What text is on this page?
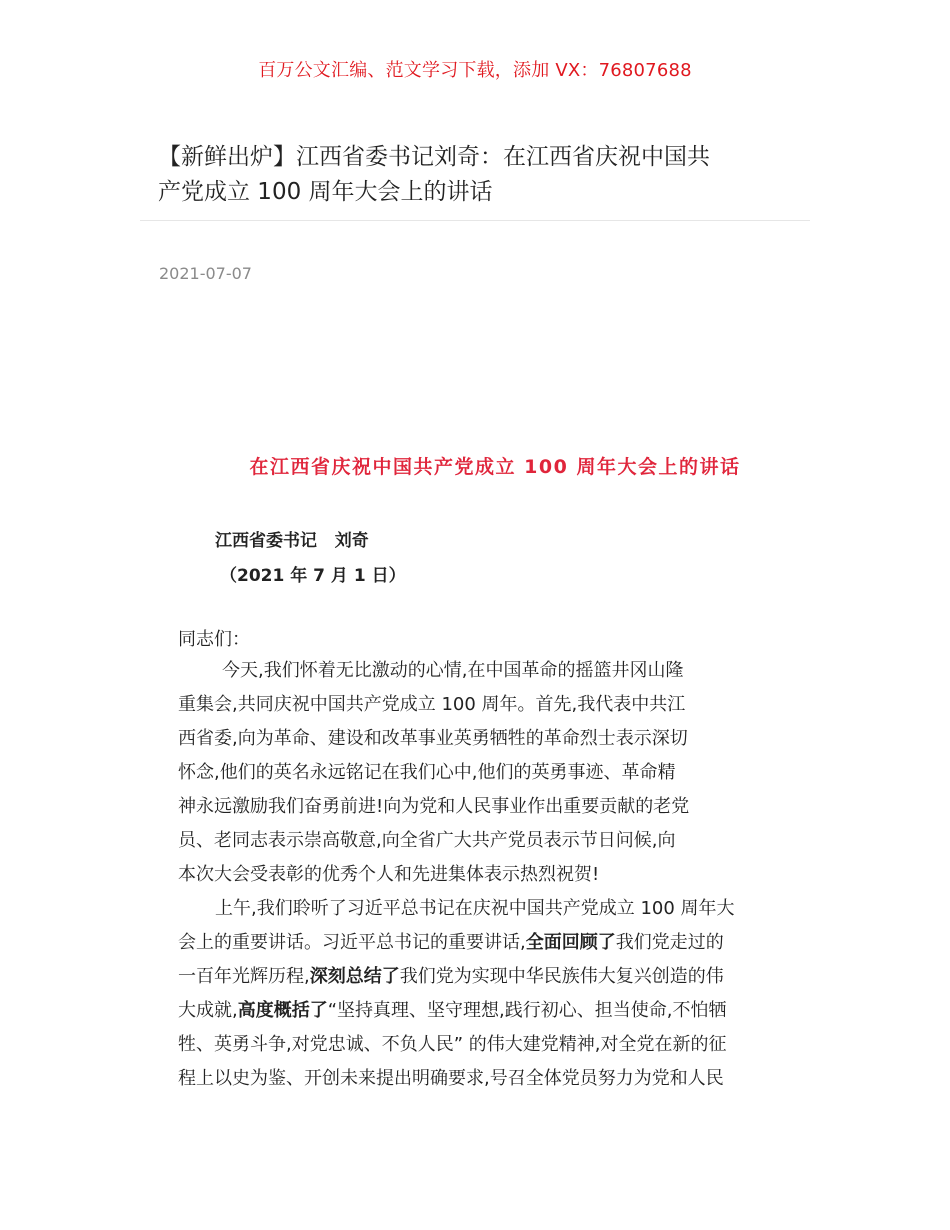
百万公文汇编、范文学习下载，添加 VX：76807688
【新鲜出炉】江西省委书记刘奇：在江西省庆祝中国共
产党成立 100 周年大会上的讲话
2021-07-07
在江西省庆祝中国共产党成立 100 周年大会上的讲话
江西省委书记   刘奇
（2021 年 7 月 1 日）
同志们：
今天,我们怀着无比激动的心情,在中国革命的摇篮井冈山隆
重集会,共同庆祝中国共产党成立 100 周年。首先,我代表中共江
西省委,向为革命、建设和改革事业英勇牺牲的革命烈士表示深切
怀念,他们的英名永远铭记在我们心中,他们的英勇事迹、革命精
神永远激励我们奋勇前进!向为党和人民事业作出重要贡献的老党
员、老同志表示崇高敬意,向全省广大共产党员表示节日问候,向
本次大会受表彰的优秀个人和先进集体表示热烈祝贺!
上午,我们聆听了习近平总书记在庆祝中国共产党成立 100 周年大
会上的重要讲话。习近平总书记的重要讲话,全面回顾了我们党走过的
一百年光辉历程,深刻总结了我们党为实现中华民族伟大复兴创造的伟
大成就,高度概括了“坚持真理、坚守理想,践行初心、担当使命,不怕牺
牲、英勇斗争,对党忠诚、不负人民” 的伟大建党精神,对全党在新的征
程上以史为鉴、开创未来提出明确要求,号召全体党员努力为党和人民
